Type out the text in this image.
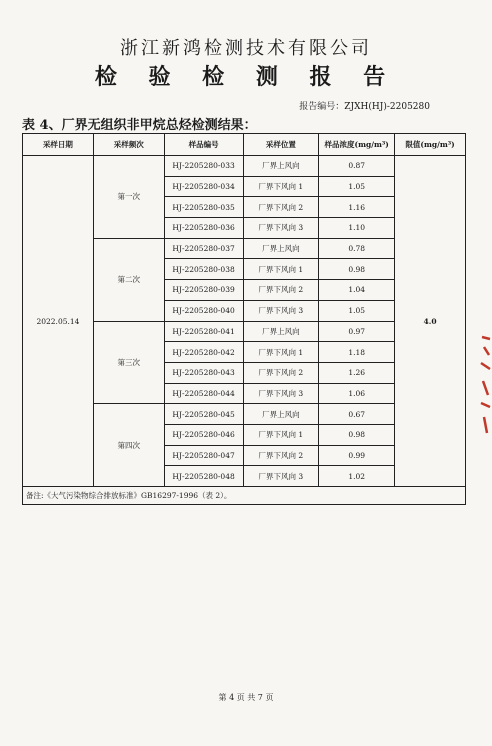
浙江新鸿检测技术有限公司
检 验 检 测 报 告
报告编号：ZJXH(HJ)-2205280
表 4、厂界无组织非甲烷总烃检测结果：
采样日期	采样频次	样品编号	采样位置	样品浓度(mg/m³)	限值(mg/m³)
2022.05.14	第一次	HJ-2205280-033	厂界上风向	0.87	4.0
		HJ-2205280-034	厂界下风向 1	1.05	
		HJ-2205280-035	厂界下风向 2	1.16	
		HJ-2205280-036	厂界下风向 3	1.10	
	第二次	HJ-2205280-037	厂界上风向	0.78	
		HJ-2205280-038	厂界下风向 1	0.98	
		HJ-2205280-039	厂界下风向 2	1.04	
		HJ-2205280-040	厂界下风向 3	1.05	
	第三次	HJ-2205280-041	厂界上风向	0.97	
		HJ-2205280-042	厂界下风向 1	1.18	
		HJ-2205280-043	厂界下风向 2	1.26	
		HJ-2205280-044	厂界下风向 3	1.06	
	第四次	HJ-2205280-045	厂界上风向	0.67	
		HJ-2205280-046	厂界下风向 1	0.98	
		HJ-2205280-047	厂界下风向 2	0.99	
		HJ-2205280-048	厂界下风向 3	1.02	
备注:《大气污染物综合排放标准》GB16297-1996（表 2）。					
第 4 页 共 7 页
